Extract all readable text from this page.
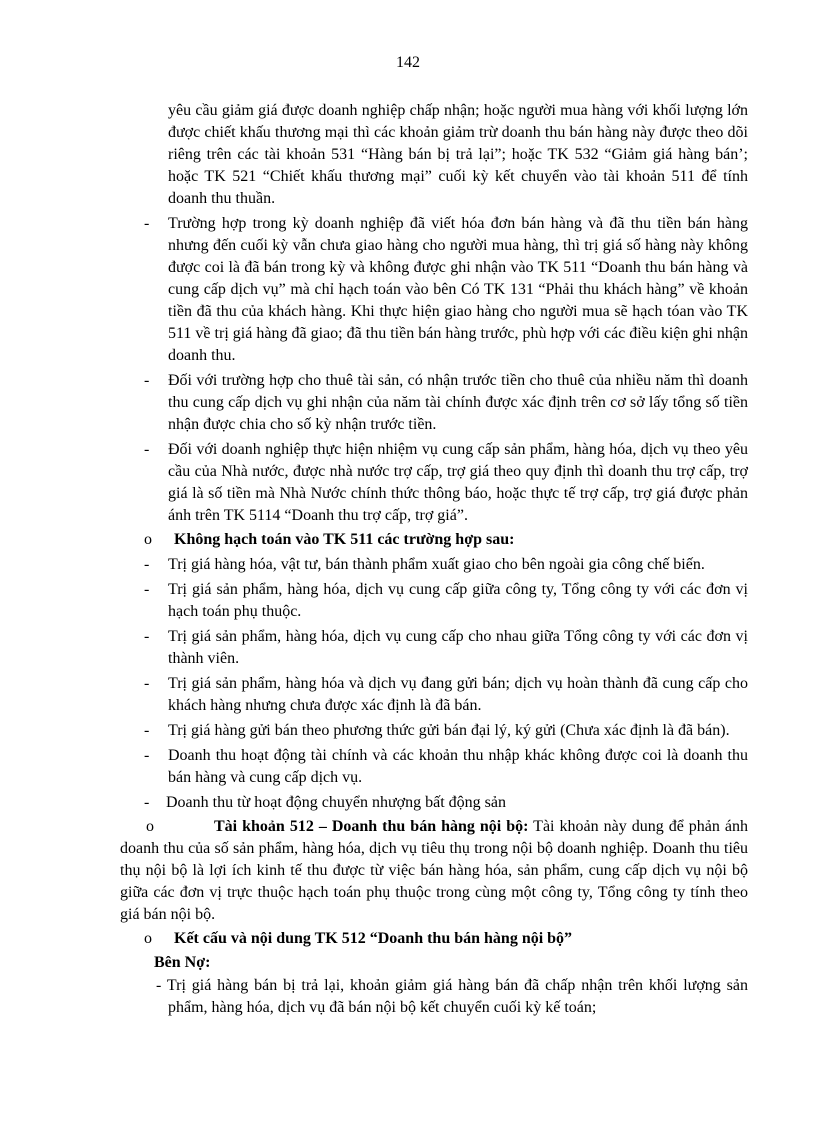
142

yêu cầu giảm giá được doanh nghiệp chấp nhận; hoặc người mua hàng với khối lượng lớn được chiết khấu thương mại thì các khoản giảm trừ doanh thu bán hàng này được theo dõi riêng trên các tài khoản 531 “Hàng bán bị trả lại”; hoặc TK 532 “Giảm giá hàng bán’; hoặc TK 521 “Chiết khấu thương mại” cuối kỳ kết chuyển vào tài khoản 511 để tính doanh thu thuần.

- Trường hợp trong kỳ doanh nghiệp đã viết hóa đơn bán hàng và đã thu tiền bán hàng nhưng đến cuối kỳ vẫn chưa giao hàng cho người mua hàng, thì trị giá số hàng này không được coi là đã bán trong kỳ và không được ghi nhận vào TK 511 “Doanh thu bán hàng và cung cấp dịch vụ” mà chỉ hạch toán vào bên Có TK 131 “Phải thu khách hàng” về khoản tiền đã thu của khách hàng. Khi thực hiện giao hàng cho người mua sẽ hạch tóan vào TK 511 về trị giá hàng đã giao; đã thu tiền bán hàng trước, phù hợp với các điều kiện ghi nhận doanh thu.
- Đối với trường hợp cho thuê tài sản, có nhận trước tiền cho thuê của nhiều năm thì doanh thu cung cấp dịch vụ ghi nhận của năm tài chính được xác định trên cơ sở lấy tổng số tiền nhận được chia cho số kỳ nhận trước tiền.
- Đối với doanh nghiệp thực hiện nhiệm vụ cung cấp sản phẩm, hàng hóa, dịch vụ theo yêu cầu của Nhà nước, được nhà nước trợ cấp, trợ giá theo quy định thì doanh thu trợ cấp, trợ giá là số tiền mà Nhà Nước chính thức thông báo, hoặc thực tế trợ cấp, trợ giá được phản ánh trên TK 5114 “Doanh thu trợ cấp, trợ giá”.
o Không hạch toán vào TK 511 các trường hợp sau:
- Trị giá hàng hóa, vật tư, bán thành phẩm xuất giao cho bên ngoài gia công chế biến.
- Trị giá sản phẩm, hàng hóa, dịch vụ cung cấp giữa công ty, Tổng công ty với các đơn vị hạch toán phụ thuộc.
- Trị giá sản phẩm, hàng hóa, dịch vụ cung cấp cho nhau giữa Tổng công ty với các đơn vị thành viên.
- Trị giá sản phẩm, hàng hóa và dịch vụ đang gửi bán; dịch vụ hoàn thành đã cung cấp cho khách hàng nhưng chưa được xác định là đã bán.
- Trị giá hàng gửi bán theo phương thức gửi bán đại lý, ký gửi (Chưa xác định là đã bán).
- Doanh thu hoạt động tài chính và các khoản thu nhập khác không được coi là doanh thu bán hàng và cung cấp dịch vụ.
- Doanh thu từ hoạt động chuyển nhượng bất động sản

o	Tài khoản 512 – Doanh thu bán hàng nội bộ: Tài khoản này dung để phản ánh doanh thu của số sản phẩm, hàng hóa, dịch vụ tiêu thụ trong nội bộ doanh nghiệp. Doanh thu tiêu thụ nội bộ là lợi ích kinh tế thu được từ việc bán hàng hóa, sản phẩm, cung cấp dịch vụ nội bộ giữa các đơn vị trực thuộc hạch toán phụ thuộc trong cùng một công ty, Tổng công ty tính theo giá bán nội bộ.

o Kết cấu và nội dung TK 512 “Doanh thu bán hàng nội bộ”
Bên Nợ:

- Trị giá hàng bán bị trả lại, khoản giảm giá hàng bán đã chấp nhận trên khối lượng sản phẩm, hàng hóa, dịch vụ đã bán nội bộ kết chuyển cuối kỳ kế toán;
